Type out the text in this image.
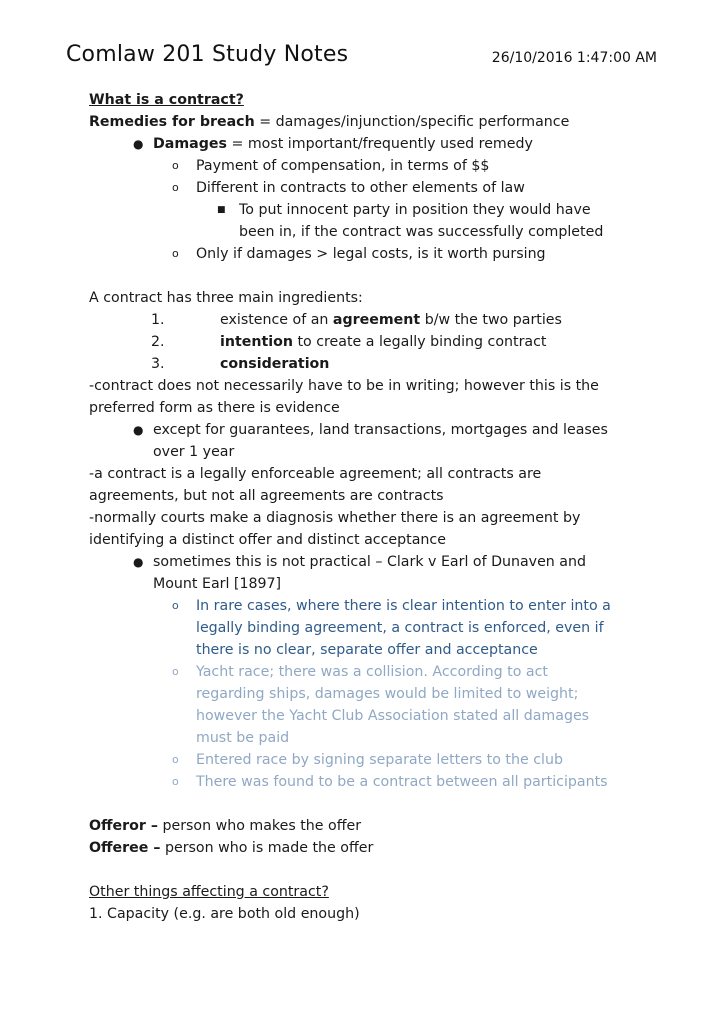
Comlaw 201 Study Notes	26/10/2016 1:47:00 AM
What is a contract?
Remedies for breach = damages/injunction/specific performance
● Damages = most important/frequently used remedy
o Payment of compensation, in terms of $$
o Different in contracts to other elements of law
■ To put innocent party in position they would have
been in, if the contract was successfully completed
o Only if damages > legal costs, is it worth pursing
A contract has three main ingredients:
1.	existence of an agreement b/w the two parties
2.	intention to create a legally binding contract
3.	consideration
-contract does not necessarily have to be in writing; however this is the
preferred form as there is evidence
● except for guarantees, land transactions, mortgages and leases
over 1 year
-a contract is a legally enforceable agreement; all contracts are
agreements, but not all agreements are contracts
-normally courts make a diagnosis whether there is an agreement by
identifying a distinct offer and distinct acceptance
● sometimes this is not practical – Clark v Earl of Dunaven and
Mount Earl [1897]
o In rare cases, where there is clear intention to enter into a
legally binding agreement, a contract is enforced, even if
there is no clear, separate offer and acceptance
o Yacht race; there was a collision. According to act
regarding ships, damages would be limited to weight;
however the Yacht Club Association stated all damages
must be paid
o Entered race by signing separate letters to the club
o There was found to be a contract between all participants
Offeror – person who makes the offer
Offeree – person who is made the offer
Other things affecting a contract?
1. Capacity (e.g. are both old enough)
